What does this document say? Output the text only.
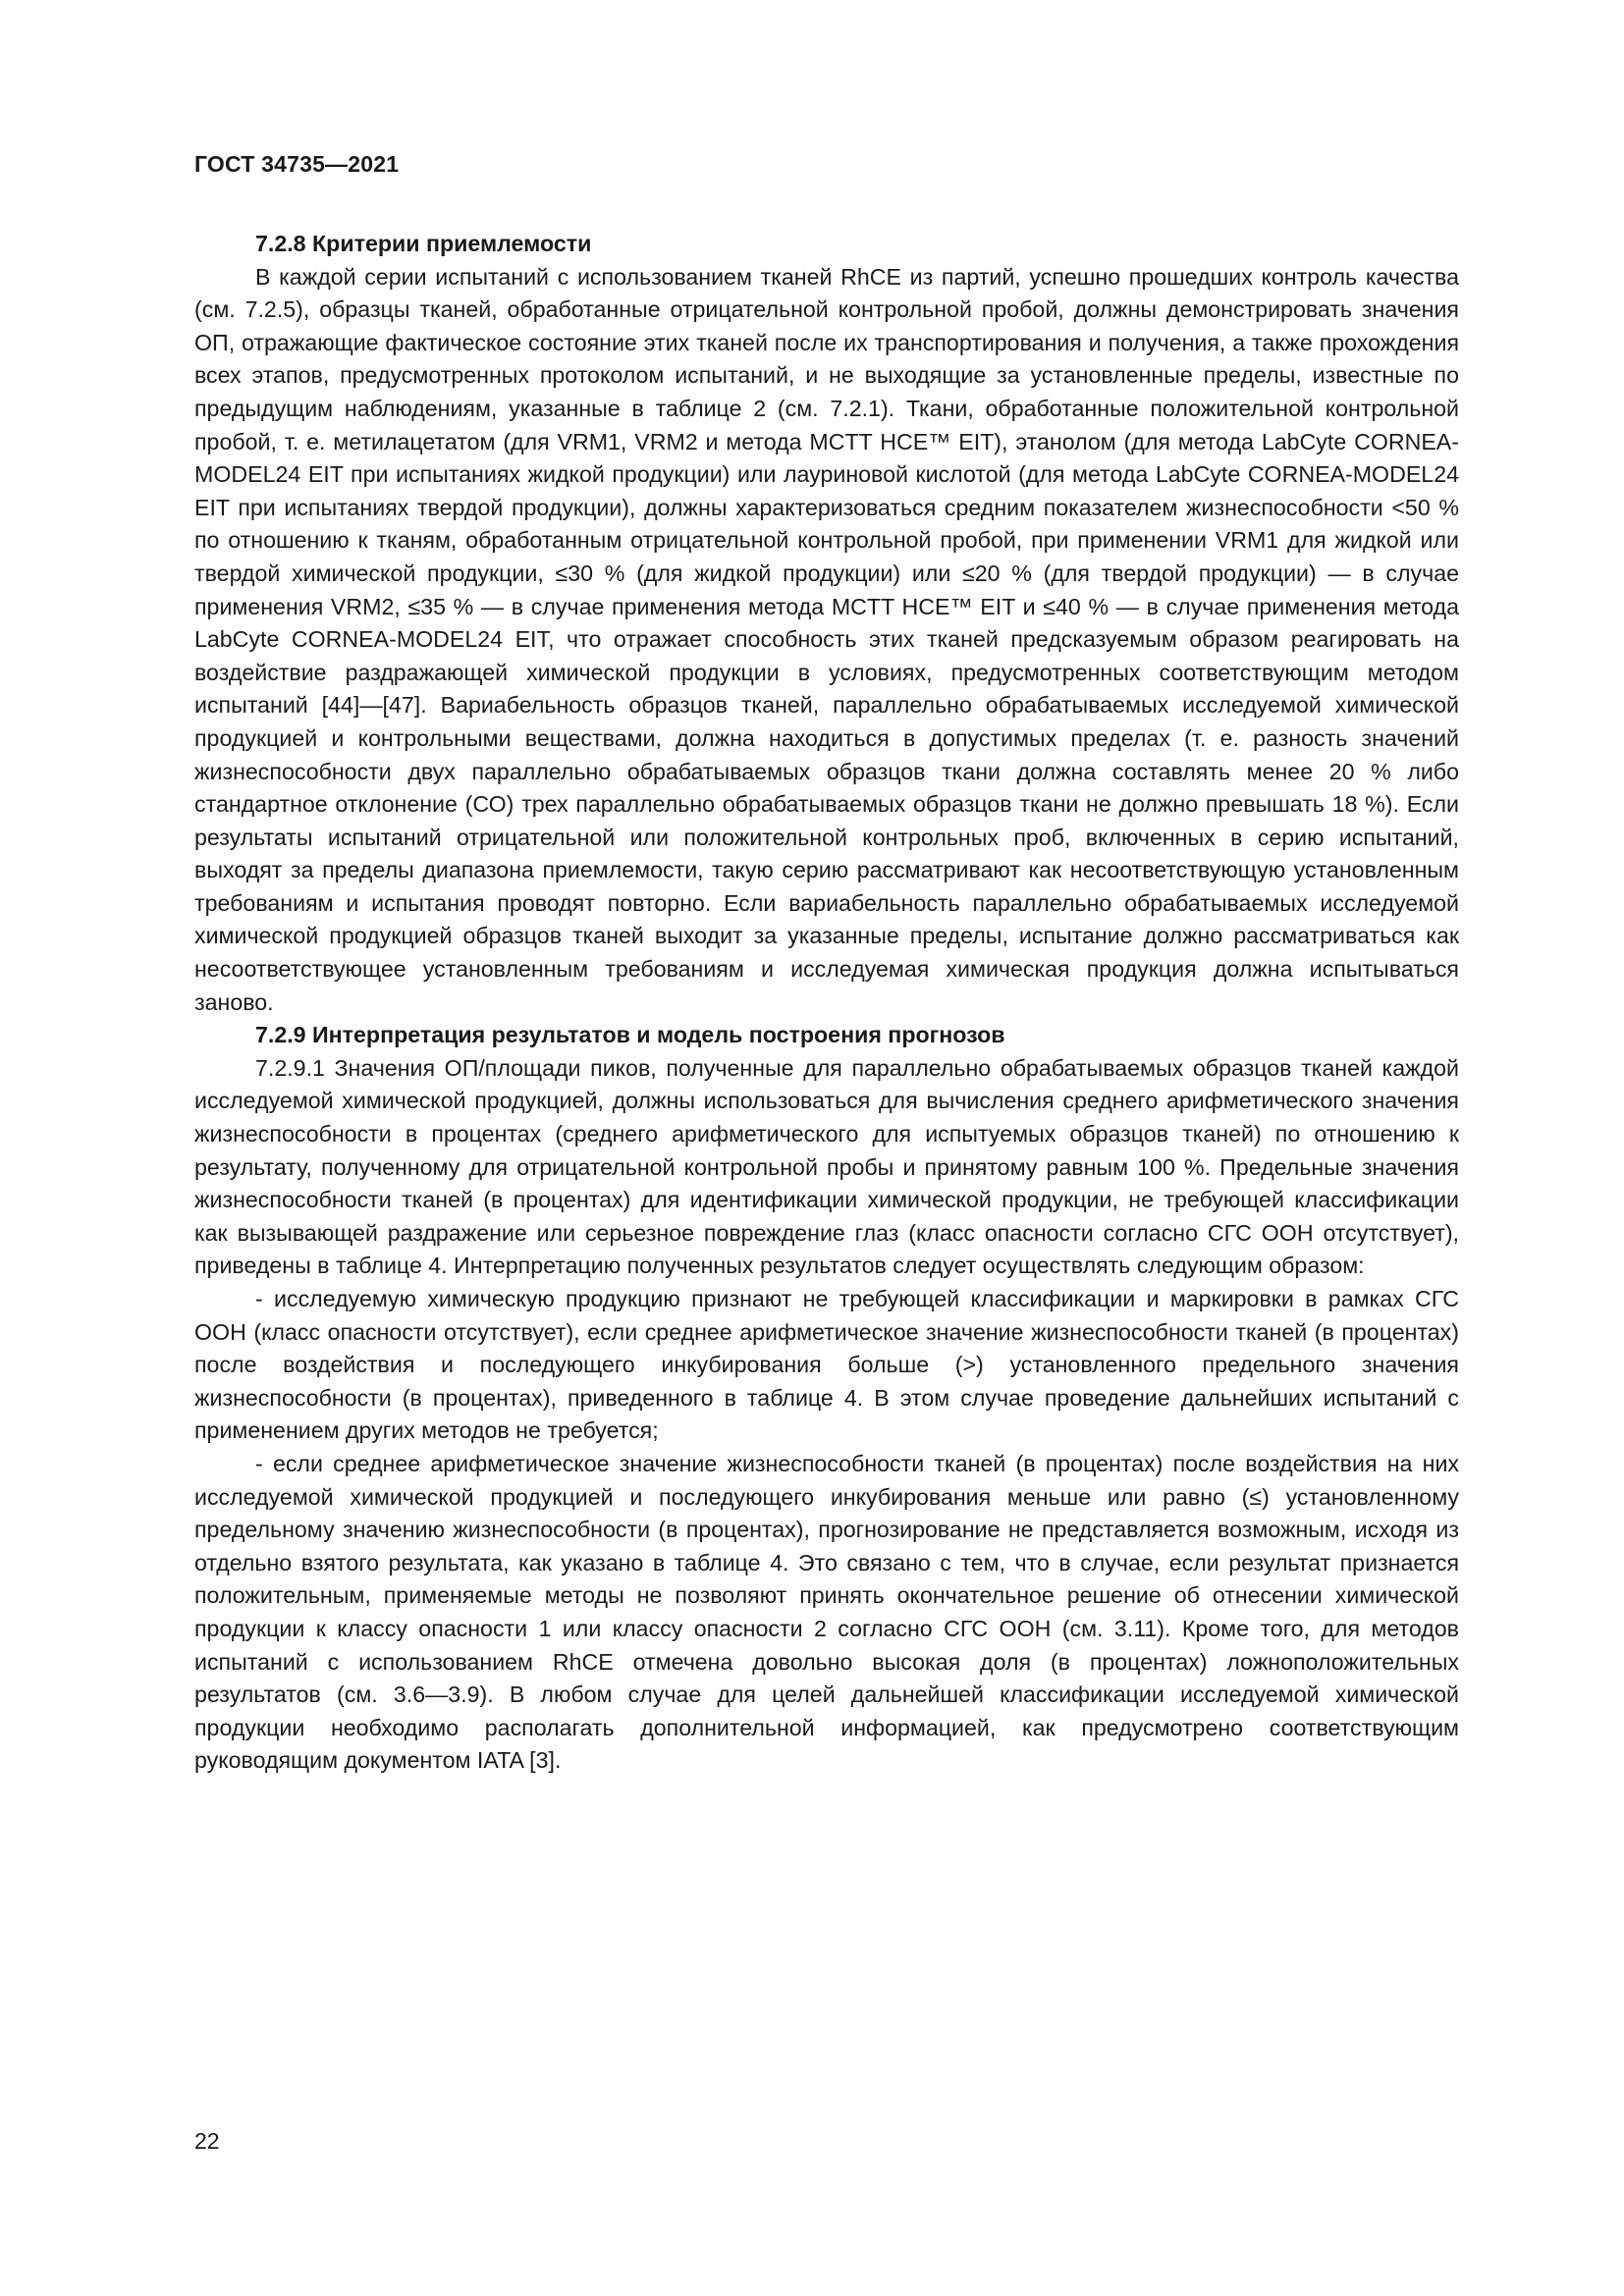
ГОСТ 34735—2021
7.2.8 Критерии приемлемости

В каждой серии испытаний с использованием тканей RhCE из партий, успешно прошедших контроль качества (см. 7.2.5), образцы тканей, обработанные отрицательной контрольной пробой, должны демонстрировать значения ОП, отражающие фактическое состояние этих тканей после их транспортирования и получения, а также прохождения всех этапов, предусмотренных протоколом испытаний, и не выходящие за установленные пределы, известные по предыдущим наблюдениям, указанные в таблице 2 (см. 7.2.1). Ткани, обработанные положительной контрольной пробой, т. е. метилацетатом (для VRM1, VRM2 и метода MCTT HCE™ EIT), этанолом (для метода LabCyte CORNEA- MODEL24 EIT при испытаниях жидкой продукции) или лауриновой кислотой (для метода LabCyte CORNEA-MODEL24 EIT при испытаниях твердой продукции), должны характеризоваться средним показателем жизнеспособности <50 % по отношению к тканям, обработанным отрицательной контрольной пробой, при применении VRM1 для жидкой или твердой химической продукции, ≤30 % (для жидкой продукции) или ≤20 % (для твердой продукции) — в случае применения VRM2, ≤35 % — в случае применения метода MCTT HCE™ EIT и ≤40 % — в случае применения метода LabCyte CORNEA-MODEL24 EIT, что отражает способность этих тканей предсказуемым образом реагировать на воздействие раздражающей химической продукции в условиях, предусмотренных соответствующим методом испытаний [44]—[47]. Вариабельность образцов тканей, параллельно обрабатываемых исследуемой химической продукцией и контрольными веществами, должна находиться в допустимых пределах (т. е. разность значений жизнеспособности двух параллельно обрабатываемых образцов ткани должна составлять менее 20 % либо стандартное отклонение (СО) трех параллельно обрабатываемых образцов ткани не должно превышать 18 %). Если результаты испытаний отрицательной или положительной контрольных проб, включенных в серию испытаний, выходят за пределы диапазона приемлемости, такую серию рассматривают как несоответствующую установленным требованиям и испытания проводят повторно. Если вариабельность параллельно обрабатываемых исследуемой химической продукцией образцов тканей выходит за указанные пределы, испытание должно рассматриваться как несоответствующее установленным требованиям и исследуемая химическая продукция должна испытываться заново.

7.2.9 Интерпретация результатов и модель построения прогнозов

7.2.9.1 Значения ОП/площади пиков, полученные для параллельно обрабатываемых образцов тканей каждой исследуемой химической продукцией, должны использоваться для вычисления среднего арифметического значения жизнеспособности в процентах (среднего арифметического для испытуемых образцов тканей) по отношению к результату, полученному для отрицательной контрольной пробы и принятому равным 100 %. Предельные значения жизнеспособности тканей (в процентах) для идентификации химической продукции, не требующей классификации как вызывающей раздражение или серьезное повреждение глаз (класс опасности согласно СГС ООН отсутствует), приведены в таблице 4. Интерпретацию полученных результатов следует осуществлять следующим образом:

- исследуемую химическую продукцию признают не требующей классификации и маркировки в рамках СГС ООН (класс опасности отсутствует), если среднее арифметическое значение жизнеспособности тканей (в процентах) после воздействия и последующего инкубирования больше (>) установленного предельного значения жизнеспособности (в процентах), приведенного в таблице 4. В этом случае проведение дальнейших испытаний с применением других методов не требуется;

- если среднее арифметическое значение жизнеспособности тканей (в процентах) после воздействия на них исследуемой химической продукцией и последующего инкубирования меньше или равно (≤) установленному предельному значению жизнеспособности (в процентах), прогнозирование не представляется возможным, исходя из отдельно взятого результата, как указано в таблице 4. Это связано с тем, что в случае, если результат признается положительным, применяемые методы не позволяют принять окончательное решение об отнесении химической продукции к классу опасности 1 или классу опасности 2 согласно СГС ООН (см. 3.11). Кроме того, для методов испытаний с использованием RhCE отмечена довольно высокая доля (в процентах) ложноположительных результатов (см. 3.6—3.9). В любом случае для целей дальнейшей классификации исследуемой химической продукции необходимо располагать дополнительной информацией, как предусмотрено соответствующим руководящим документом IATA [3].

22
